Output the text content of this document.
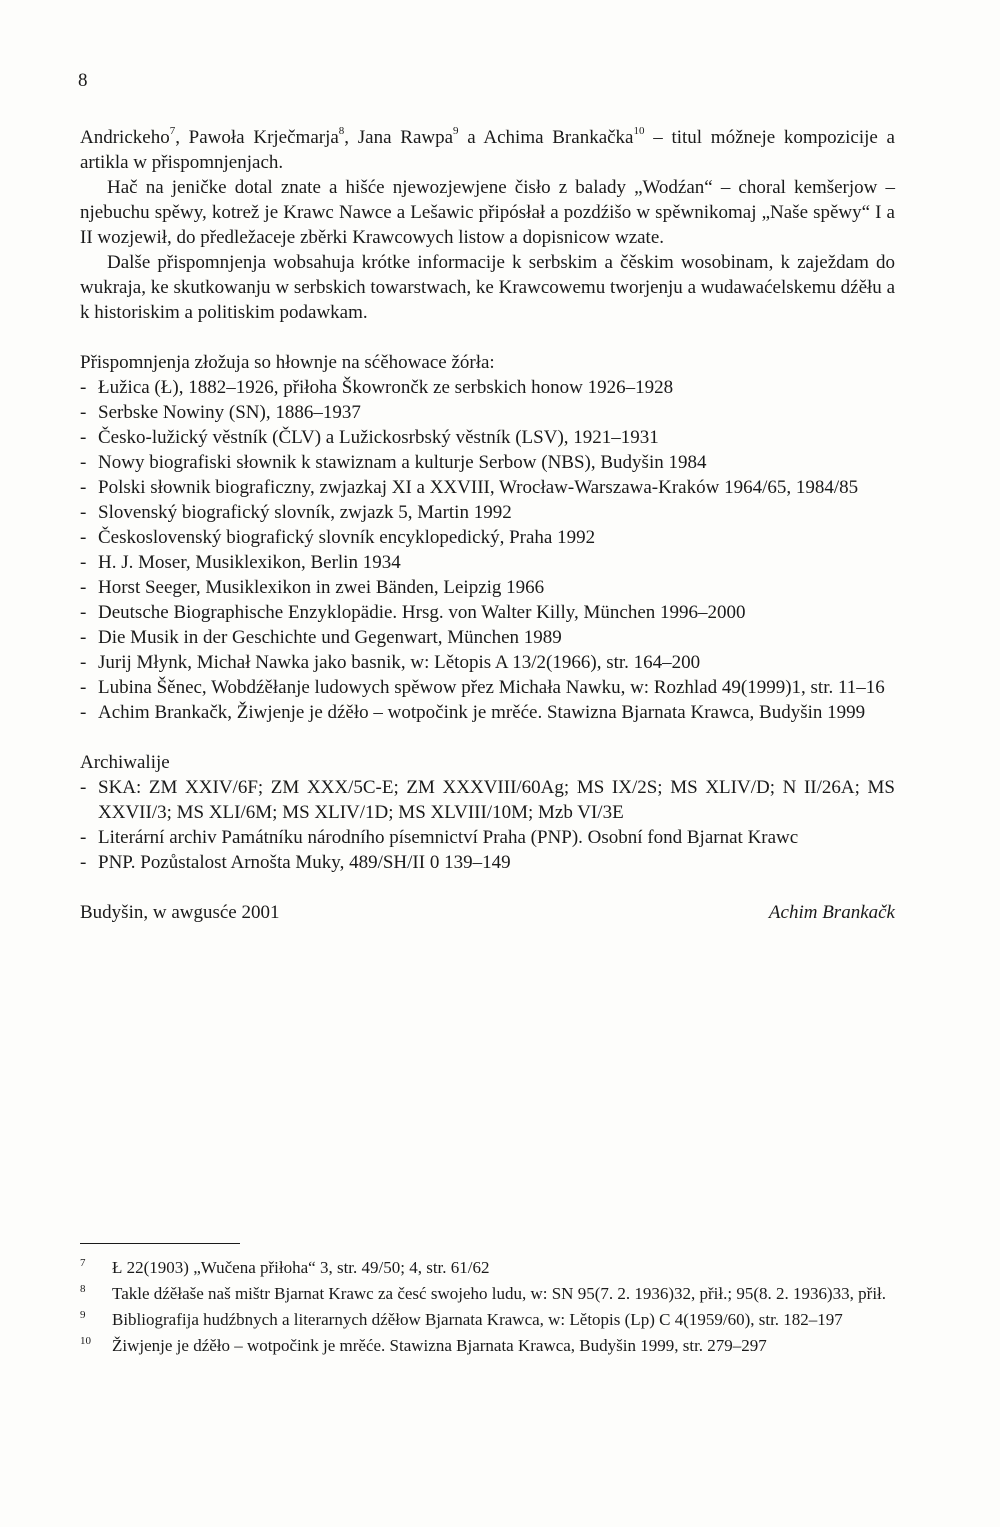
8

Andrickeho$^7$, Pawoła Krječmarja$^8$, Jana Rawpa$^9$ a Achima Brankačka$^{10}$ – titul móžneje kompozicije a artikla w přispomnjenjach.

Hač na jeničke dotal znate a hišće njewozjewjene čisło z balady „Wodźan“ – choral kemšerjow – njebuchu spěwy, kotrež je Krawc Nawce a Lešawic připósłał a pozdźišo w spěwnikomaj „Naše spěwy“ I a II wozjewił, do předležaceje zběrki Krawcowych listow a dopisnicow wzate.

Dalše přispomnjenja wobsahuja krótke informacije k serbskim a čěskim wosobinam, k zaježdam do wukraja, ke skutkowanju w serbskich towarstwach, ke Krawcowemu tworjenju a wudawaćelskemu dźěłu a k historiskim a politiskim podawkam.

Přispomnjenja złožuja so hłownje na sćěhowace žórła:

- Łužica (Ł), 1882–1926, přiłoha Škowrončk ze serbskich honow 1926–1928
- Serbske Nowiny (SN), 1886–1937
- Česko-lužický věstník (ČLV) a Lužickosrbský věstník (LSV), 1921–1931
- Nowy biografiski słownik k stawiznam a kulturje Serbow (NBS), Budyšin 1984
- Polski słownik biograficzny, zwjazkaj XI a XXVIII, Wrocław-Warszawa-Kraków 1964/65, 1984/85
- Slovenský biografický slovník, zwjazk 5, Martin 1992
- Československý biografický slovník encyklopedický, Praha 1992
- H. J. Moser, Musiklexikon, Berlin 1934
- Horst Seeger, Musiklexikon in zwei Bänden, Leipzig 1966
- Deutsche Biographische Enzyklopädie. Hrsg. von Walter Killy, München 1996–2000
- Die Musik in der Geschichte und Gegenwart, München 1989
- Jurij Młynk, Michał Nawka jako basnik, w: Lětopis A 13/2(1966), str. 164–200
- Lubina Šěnec, Wobdźěłanje ludowych spěwow přez Michała Nawku, w: Rozhlad 49(1999)1, str. 11–16
- Achim Brankačk, Žiwjenje je dźěło – wotpočink je mrěće. Stawizna Bjarnata Krawca, Budyšin 1999

Archiwalije

- SKA: ZM XXIV/6F; ZM XXX/5C-E; ZM XXXVIII/60Ag; MS IX/2S; MS XLIV/D; N II/26A; MS XXVII/3; MS XLI/6M; MS XLIV/1D; MS XLVIII/10M; Mzb VI/3E
- Literární archiv Památníku národního písemnictví Praha (PNP). Osobní fond Bjarnat Krawc
- PNP. Pozůstalost Arnošta Muky, 489/SH/II 0 139–149
Budyšin, w awgusće 2001	Achim Brankačk
7 Ł 22(1903) „Wučena přiłoha“ 3, str. 49/50; 4, str. 61/62
8 Takle dźěłaše naš mištr Bjarnat Krawc za česć swojeho ludu, w: SN 95(7. 2. 1936)32, přił.; 95(8. 2. 1936)33, přił.
9 Bibliografija hudźbnych a literarnych dźěłow Bjarnata Krawca, w: Lětopis (Lp) C 4(1959/60), str. 182–197
10 Žiwjenje je dźěło – wotpočink je mrěće. Stawizna Bjarnata Krawca, Budyšin 1999, str. 279–297
